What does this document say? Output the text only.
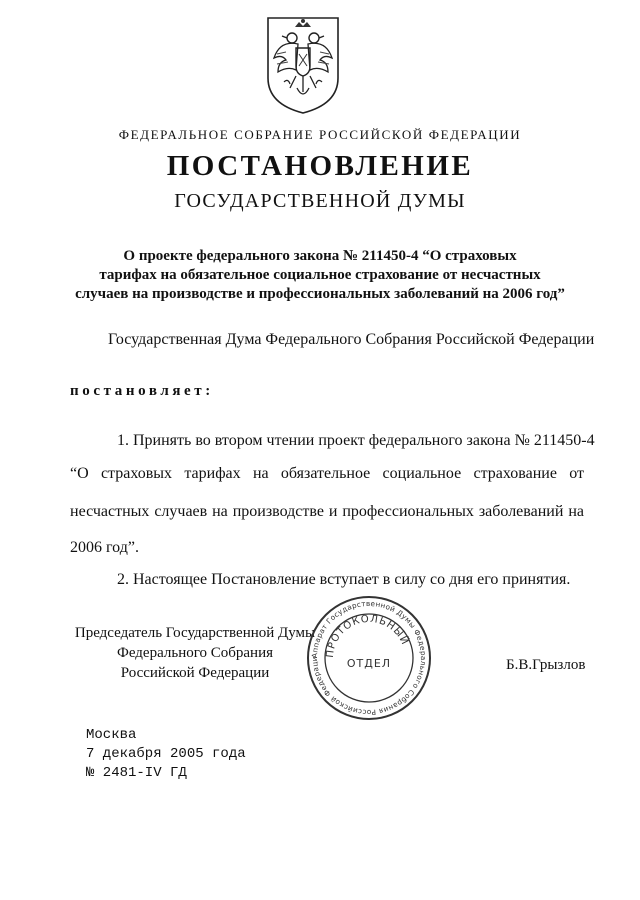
ФЕДЕРАЛЬНОЕ СОБРАНИЕ РОССИЙСКОЙ ФЕДЕРАЦИИ
ПОСТАНОВЛЕНИЕ
ГОСУДАРСТВЕННОЙ ДУМЫ
О проекте федерального закона № 211450-4 “О страховых
тарифах на обязательное социальное страхование от несчастных
случаев на производстве и профессиональных заболеваний на 2006 год”
Государственная Дума Федерального Собрания Российской Федерации
постановляет:
1. Принять во втором чтении проект федерального закона № 211450-4
“О страховых тарифах на обязательное социальное страхование от
несчастных случаев на производстве и профессиональных заболеваний на
2006 год”.
2. Настоящее Постановление вступает в силу со дня его принятия.
Председатель Государственной Думы
Федерального Собрания
Российской Федерации
Аппарат Государственной Думы Федерального Собрания Российской Федераци
ПРОТОКОЛЬНЫЙ
ОТДЕЛ	Б.В.Грызлов
Москва
7 декабря 2005 года
№ 2481-IV ГД
